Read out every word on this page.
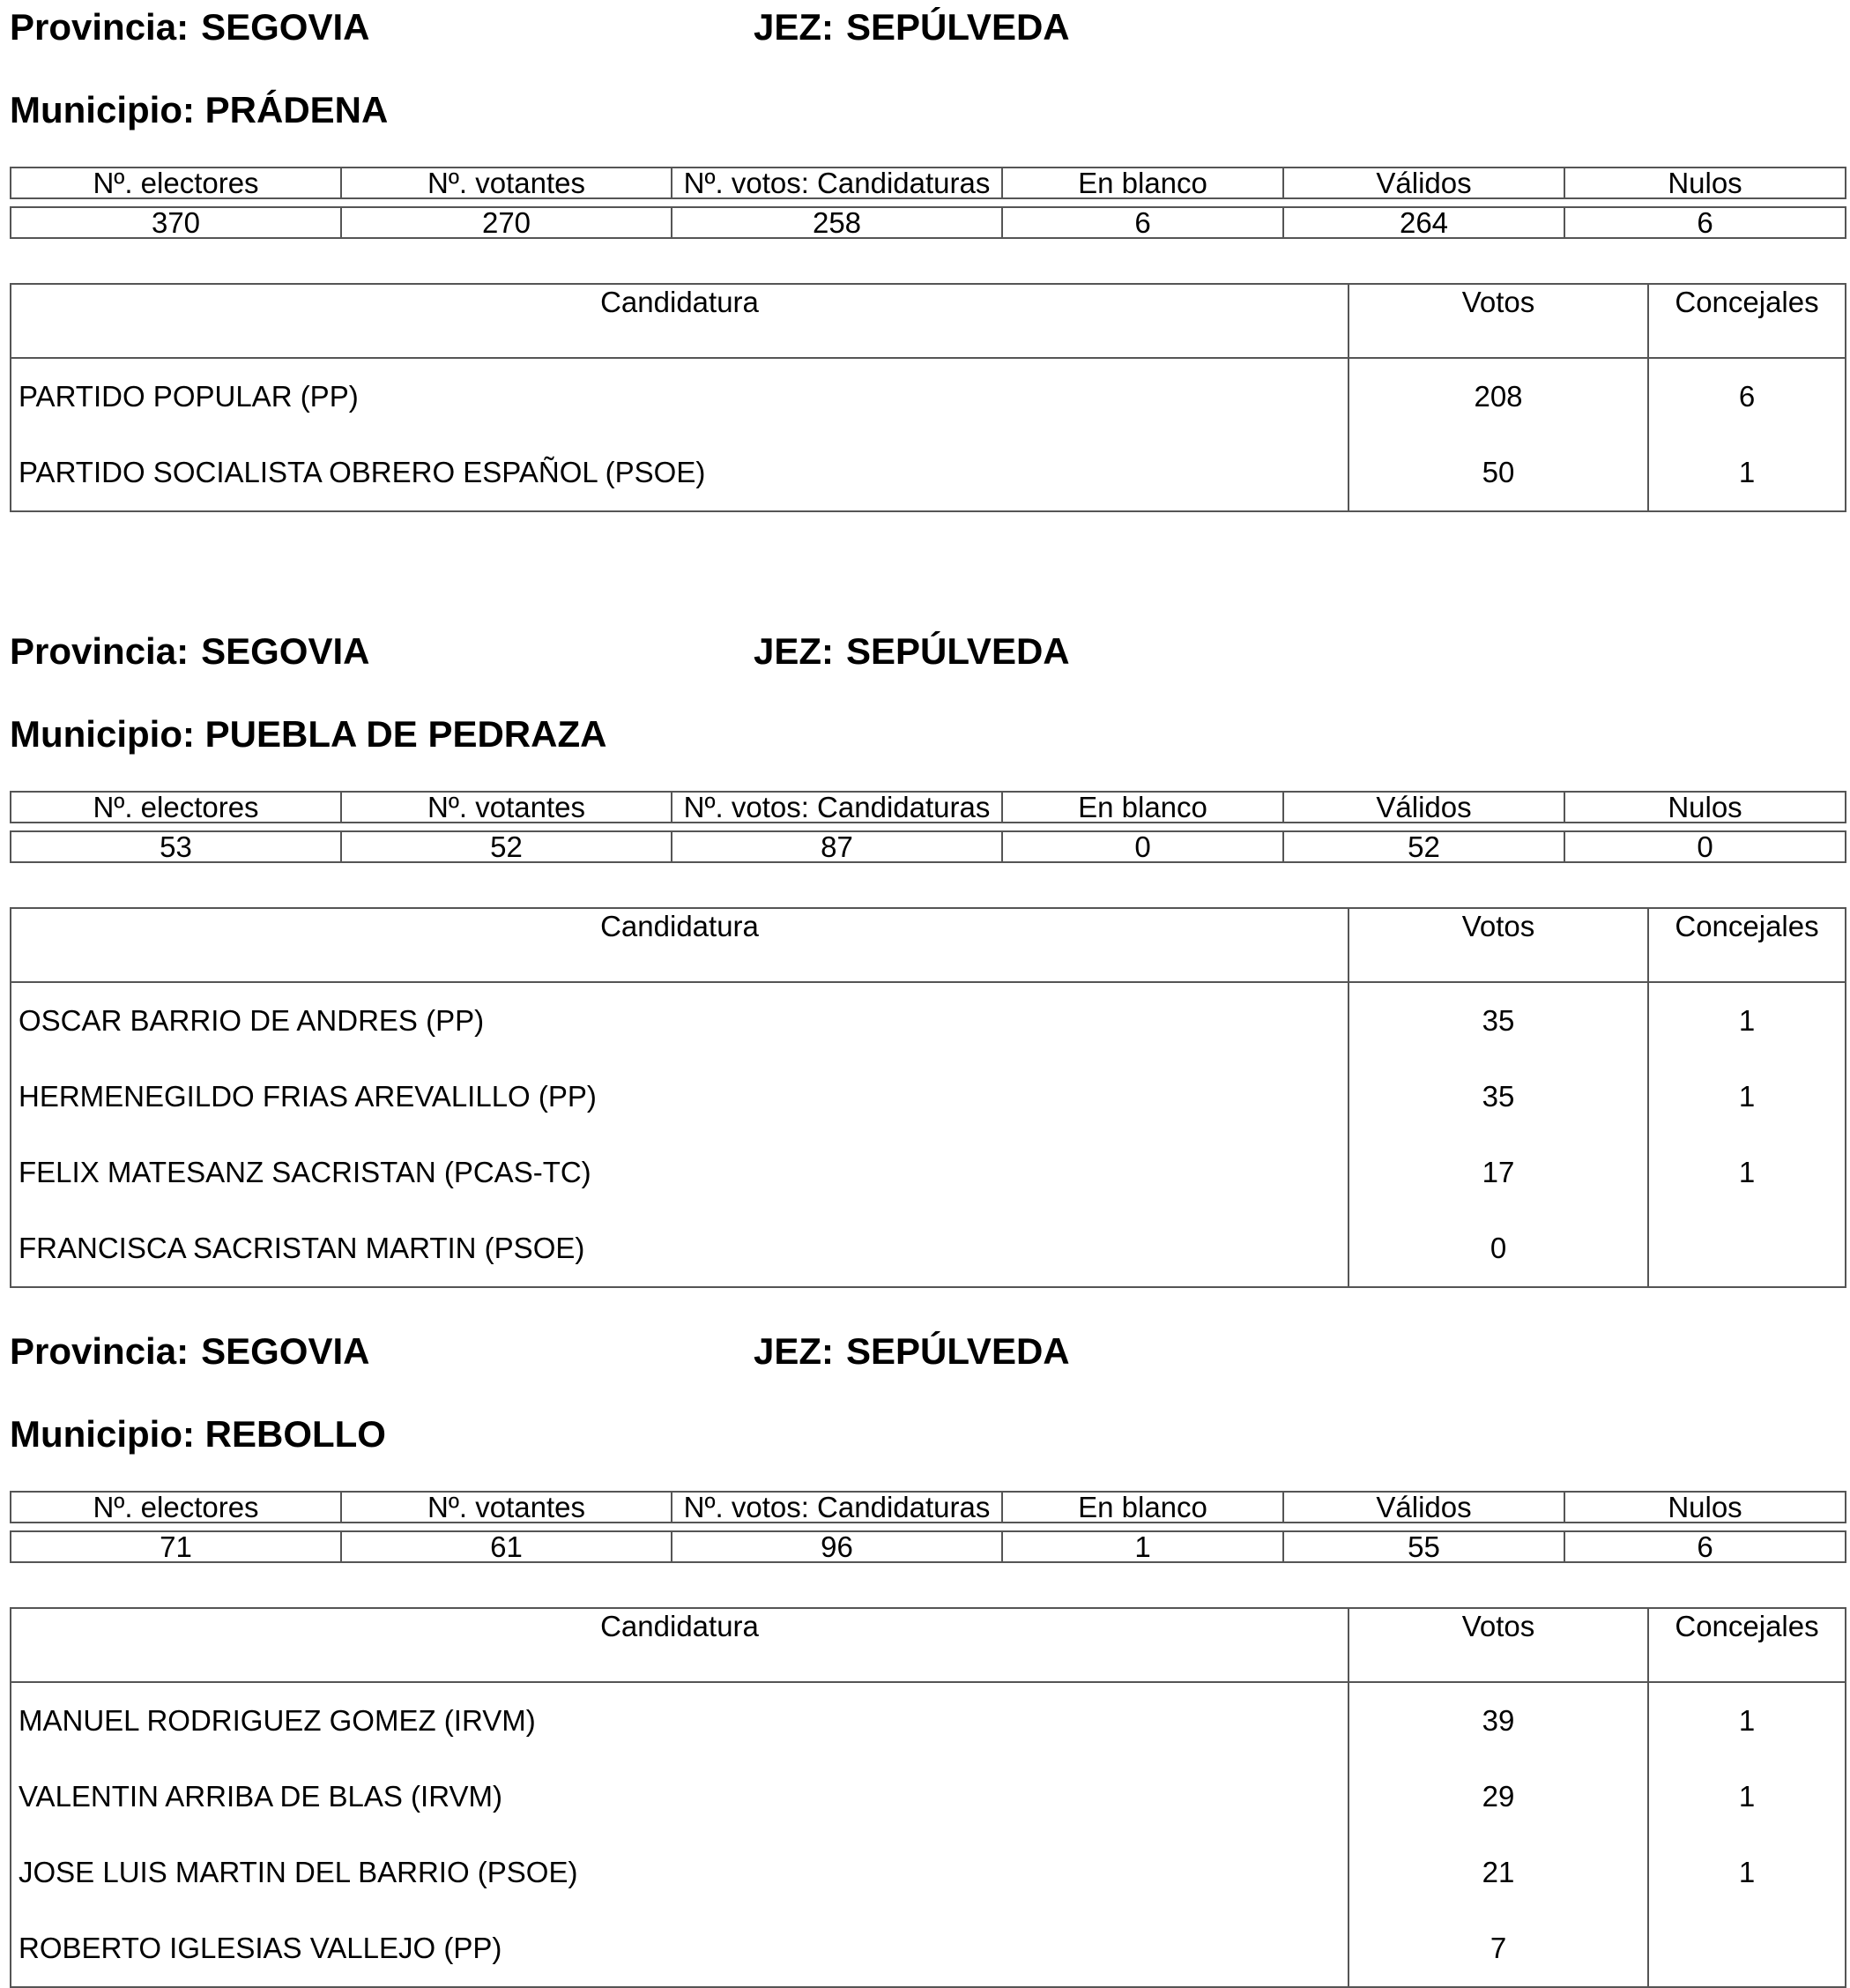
Provincia: SEGOVIA	JEZ: SEPÚLVEDA
Municipio: PRÁDENA
Nº. electores	Nº. votantes	Nº. votos: Candidaturas	En blanco	Válidos	Nulos

370	270	258	6	264	6
Candidatura	Votos	Concejales
PARTIDO POPULAR (PP)	208	6
PARTIDO SOCIALISTA OBRERO ESPAÑOL (PSOE)	50	1
Provincia: SEGOVIA	JEZ: SEPÚLVEDA
Municipio: PUEBLA DE PEDRAZA
Nº. electores	Nº. votantes	Nº. votos: Candidaturas	En blanco	Válidos	Nulos

53	52	87	0	52	0
Candidatura	Votos	Concejales
OSCAR BARRIO DE ANDRES (PP)	35	1
HERMENEGILDO FRIAS AREVALILLO (PP)	35	1
FELIX MATESANZ SACRISTAN (PCAS-TC)	17	1
FRANCISCA SACRISTAN MARTIN (PSOE)	0	
Provincia: SEGOVIA	JEZ: SEPÚLVEDA
Municipio: REBOLLO
Nº. electores	Nº. votantes	Nº. votos: Candidaturas	En blanco	Válidos	Nulos

71	61	96	1	55	6
Candidatura	Votos	Concejales
MANUEL RODRIGUEZ GOMEZ (IRVM)	39	1
VALENTIN ARRIBA DE BLAS (IRVM)	29	1
JOSE LUIS MARTIN DEL BARRIO (PSOE)	21	1
ROBERTO IGLESIAS VALLEJO (PP)	7	
